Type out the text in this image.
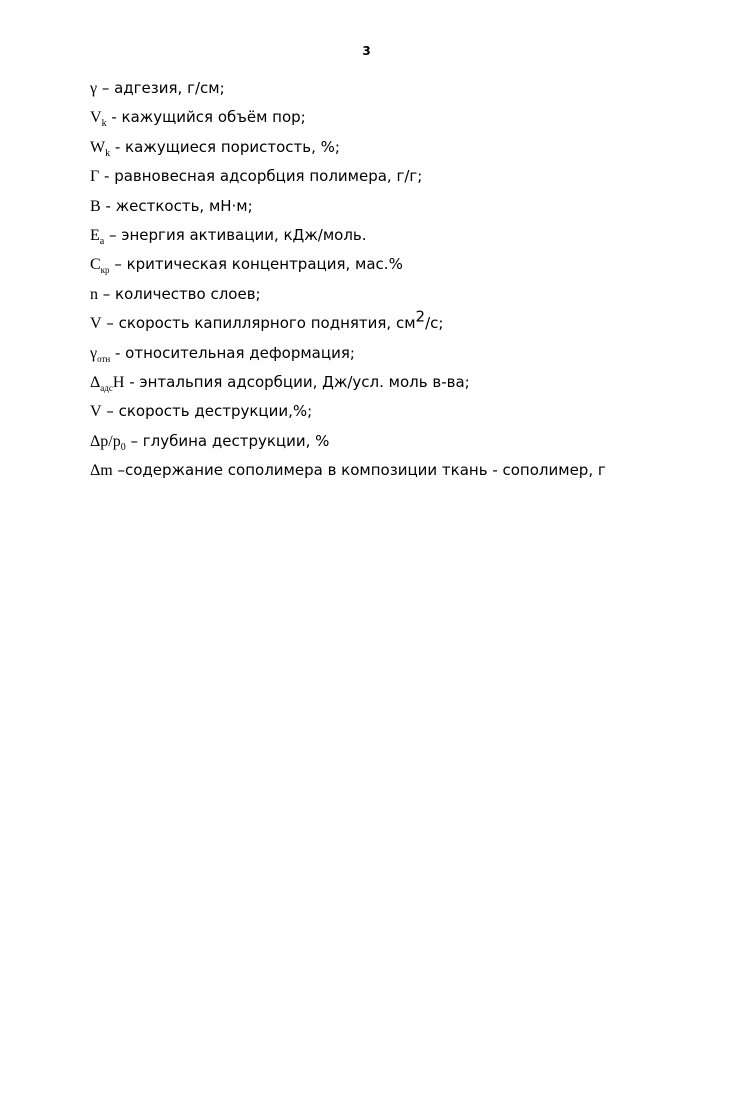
3
γ – адгезия, г/см;
$V_k$ - кажущийся объём пор;
$W_k$ - кажущиеся пористость, %;
Г - равновесная адсорбция полимера, г/г;
В - жесткость, мН·м;
$E_a$ – энергия активации, кДж/моль.
$С_{кр}$ – критическая концентрация, мас.%
n – количество слоев;
V – скорость капиллярного поднятия, $см^2/с$;
$\gamma_{отн}$ - относительная деформация;
$\Delta_{адс}Н$ - энтальпия адсорбции, Дж/усл. моль в-ва;
V – скорость деструкции,%;
$\Delta p/p_0$ – глубина деструкции, %
Δm –содержание сополимера в композиции ткань - сополимер, г
